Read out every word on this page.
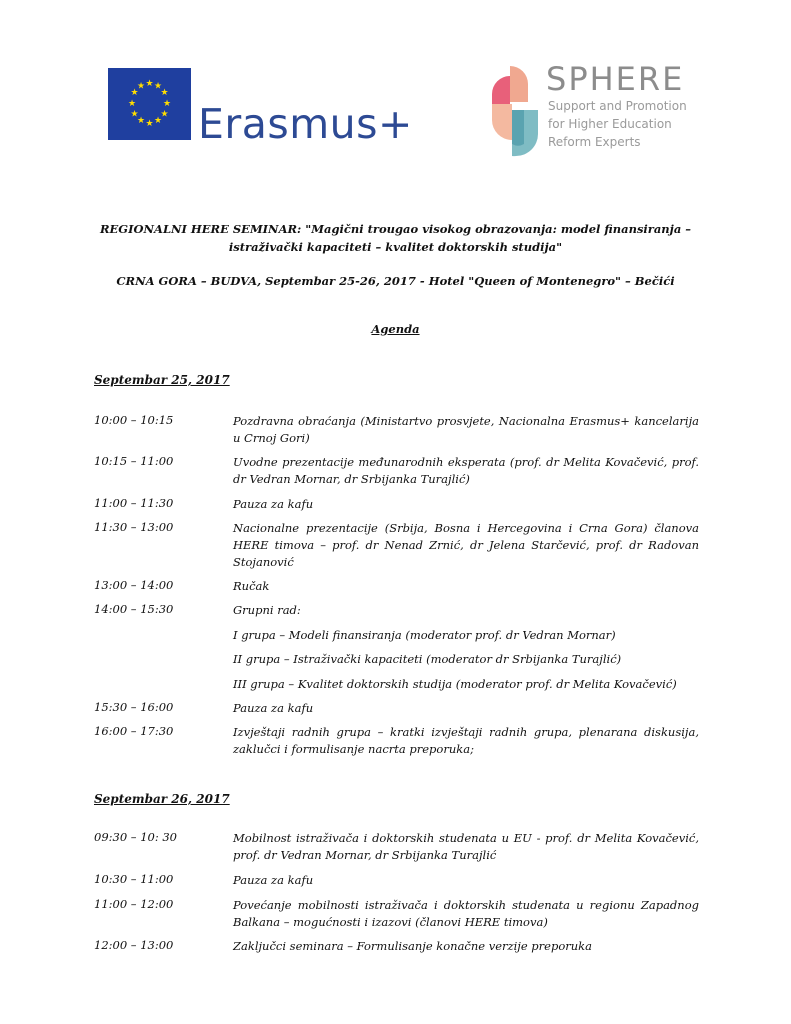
★ ★
★
★
★
★
★
★
★
★
★
★
Erasmus+
SPHERE
Support and Promotion
for Higher Education
Reform Experts
REGIONALNI HERE SEMINAR: "Magični trougao visokog obrazovanja: model finansiranja –
istraživački kapaciteti – kvalitet doktorskih studija"
CRNA GORA – BUDVA, Septembar 25-26, 2017 - Hotel "Queen of Montenegro" – Bečići
Agenda
Septembar 25, 2017
10:00 – 10:15	Pozdravna obraćanja (Ministartvo prosvjete, Nacionalna Erasmus+ kancelarija u Crnoj Gori)
10:15 – 11:00	Uvodne prezentacije međunarodnih eksperata (prof. dr Melita Kovačević, prof. dr Vedran Mornar, dr Srbijanka Turajlić)
11:00 – 11:30	Pauza za kafu
11:30 – 13:00	Nacionalne prezentacije (Srbija, Bosna i Hercegovina i Crna Gora) članova HERE timova – prof. dr Nenad Zrnić, dr Jelena Starčević, prof. dr Radovan Stojanović
13:00 – 14:00	Ručak
14:00 – 15:30	Grupni rad:
I grupa – Modeli finansiranja (moderator prof. dr Vedran Mornar)
II grupa – Istraživački kapaciteti (moderator dr Srbijanka Turajlić)
III grupa – Kvalitet doktorskih studija (moderator prof. dr Melita Kovačević)
15:30 – 16:00	Pauza za kafu
16:00 – 17:30	Izvještaji radnih grupa – kratki izvještaji radnih grupa, plenarana diskusija, zaklučci i formulisanje nacrta preporuka;
Septembar 26, 2017
09:30 – 10: 30	Mobilnost istraživača i doktorskih studenata u EU - prof. dr Melita Kovačević, prof. dr Vedran Mornar, dr Srbijanka Turajlić
10:30 – 11:00	Pauza za kafu
11:00 – 12:00	Povećanje mobilnosti istraživača i doktorskih studenata u regionu Zapadnog Balkana – mogućnosti i izazovi (članovi HERE timova)
12:00 – 13:00	Zaključci seminara – Formulisanje konačne verzije preporuka
